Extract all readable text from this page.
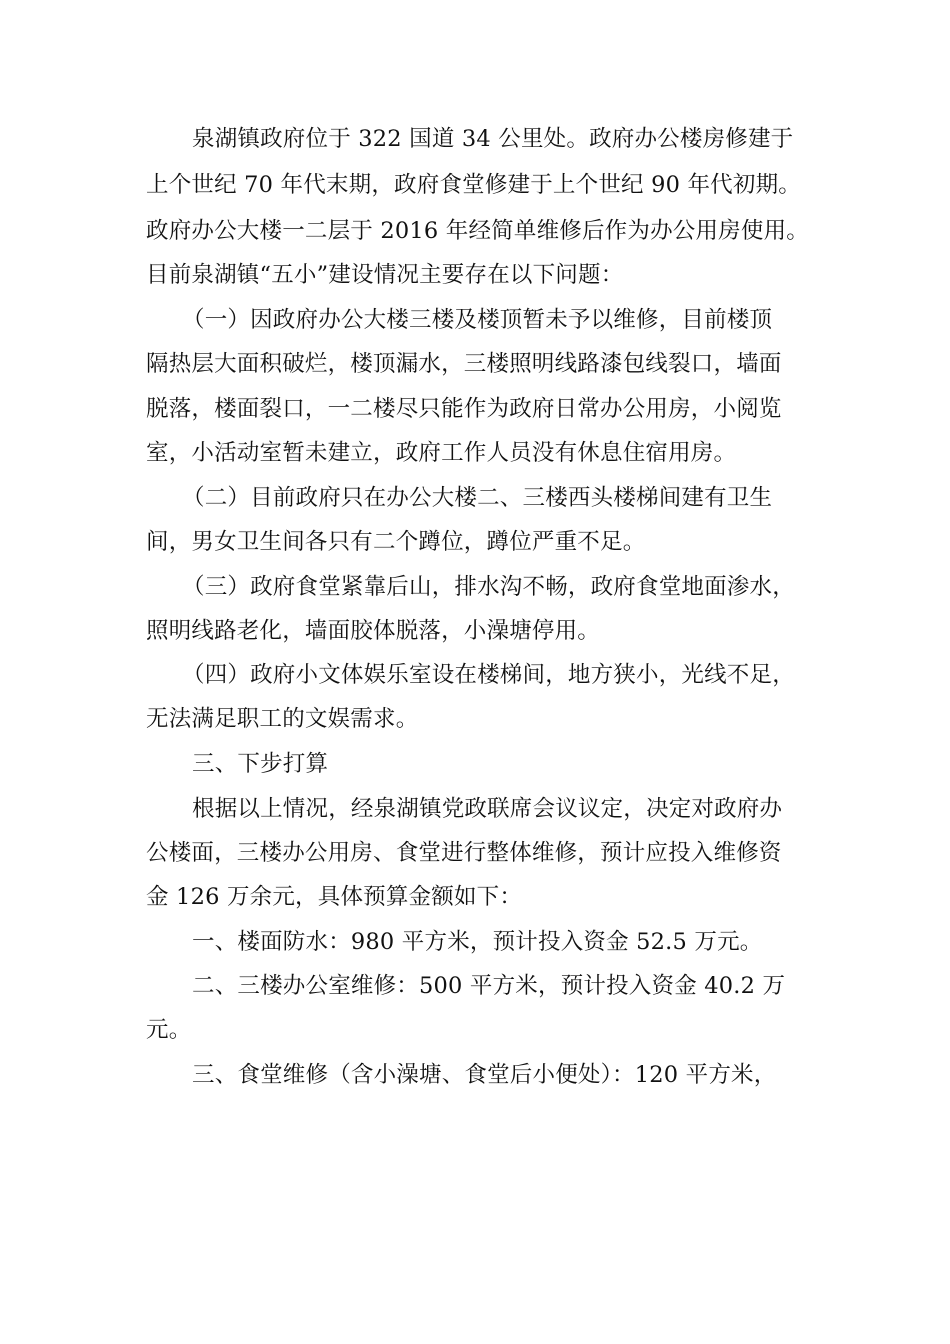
泉湖镇政府位于 322 国道 34 公里处。政府办公楼房修建于
上个世纪 70 年代末期，政府食堂修建于上个世纪 90 年代初期。
政府办公大楼一二层于 2016 年经简单维修后作为办公用房使用。
目前泉湖镇“五小”建设情况主要存在以下问题：
（一）因政府办公大楼三楼及楼顶暂未予以维修，目前楼顶
隔热层大面积破烂，楼顶漏水，三楼照明线路漆包线裂口，墙面
脱落，楼面裂口，一二楼尽只能作为政府日常办公用房，小阅览
室，小活动室暂未建立，政府工作人员没有休息住宿用房。
（二）目前政府只在办公大楼二、三楼西头楼梯间建有卫生
间，男女卫生间各只有二个蹲位，蹲位严重不足。
（三）政府食堂紧靠后山，排水沟不畅，政府食堂地面渗水，
照明线路老化，墙面胶体脱落，小澡塘停用。
（四）政府小文体娱乐室设在楼梯间，地方狭小，光线不足，
无法满足职工的文娱需求。
三、下步打算
根据以上情况，经泉湖镇党政联席会议议定，决定对政府办
公楼面，三楼办公用房、食堂进行整体维修，预计应投入维修资
金 126 万余元，具体预算金额如下：
一、楼面防水：980 平方米，预计投入资金 52.5 万元。
二、三楼办公室维修：500 平方米，预计投入资金 40.2 万
元。
三、食堂维修（含小澡塘、食堂后小便处）：120 平方米，
